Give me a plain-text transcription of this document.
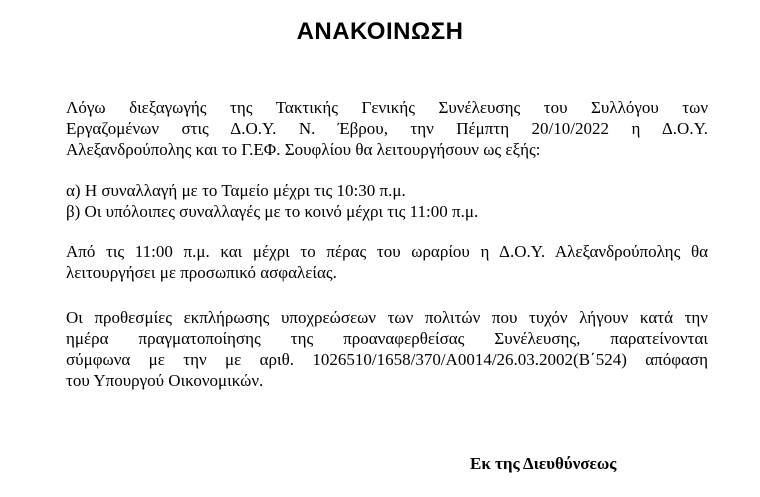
ΑΝΑΚΟΙΝΩΣΗ
Λόγω διεξαγωγής της Τακτικής Γενικής Συνέλευσης του Συλλόγου των
Εργαζομένων στις Δ.Ο.Υ. Ν. Έβρου, την Πέμπτη 20/10/2022 η Δ.Ο.Υ.
Αλεξανδρούπολης και το Γ.ΕΦ. Σουφλίου θα λειτουργήσουν ως εξής:
α) Η συναλλαγή με το Ταμείο μέχρι τις 10:30 π.μ.
β) Οι υπόλοιπες συναλλαγές με το κοινό μέχρι τις 11:00 π.μ.
Από τις 11:00 π.μ. και μέχρι το πέρας του ωραρίου η Δ.Ο.Υ. Αλεξανδρούπολης θα
λειτουργήσει με προσωπικό ασφαλείας.
Οι προθεσμίες εκπλήρωσης υποχρεώσεων των πολιτών που τυχόν λήγουν κατά την
ημέρα πραγματοποίησης της προαναφερθείσας Συνέλευσης, παρατείνονται
σύμφωνα με την με αριθ. 1026510/1658/370/Α0014/26.03.2002(Β΄524) απόφαση
του Υπουργού Οικονομικών.
Εκ της Διευθύνσεως
